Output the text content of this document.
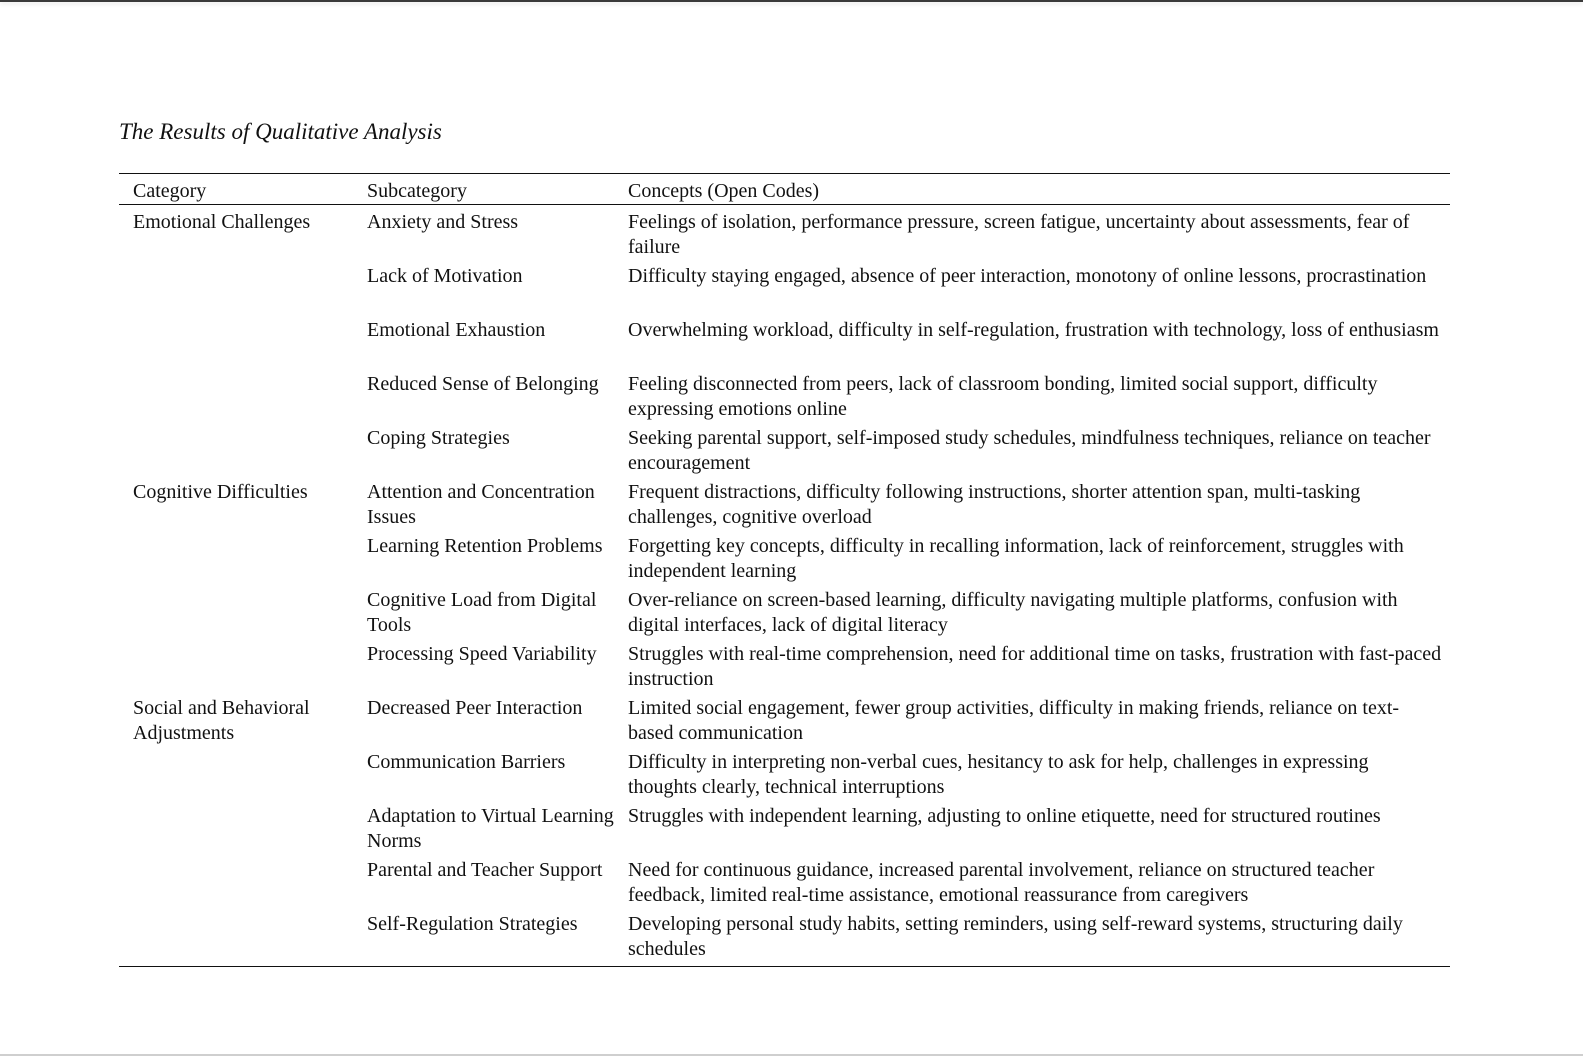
The Results of Qualitative Analysis
Category	Subcategory	Concepts (Open Codes)
Emotional Challenges	Anxiety and Stress	Feelings of isolation, performance pressure, screen fatigue, uncertainty about assessments, fear of failure
	Lack of Motivation	Difficulty staying engaged, absence of peer interaction, monotony of online lessons, procrastination
	Emotional Exhaustion	Overwhelming workload, difficulty in self-regulation, frustration with technology, loss of enthusiasm
	Reduced Sense of Belonging	Feeling disconnected from peers, lack of classroom bonding, limited social support, difficulty expressing emotions online
	Coping Strategies	Seeking parental support, self-imposed study schedules, mindfulness techniques, reliance on teacher encouragement
Cognitive Difficulties	Attention and Concentration Issues	Frequent distractions, difficulty following instructions, shorter attention span, multi-tasking challenges, cognitive overload
	Learning Retention Problems	Forgetting key concepts, difficulty in recalling information, lack of reinforcement, struggles with independent learning
	Cognitive Load from Digital Tools	Over-reliance on screen-based learning, difficulty navigating multiple platforms, confusion with digital interfaces, lack of digital literacy
	Processing Speed Variability	Struggles with real-time comprehension, need for additional time on tasks, frustration with fast-paced instruction
Social and Behavioral Adjustments	Decreased Peer Interaction	Limited social engagement, fewer group activities, difficulty in making friends, reliance on text-based communication
	Communication Barriers	Difficulty in interpreting non-verbal cues, hesitancy to ask for help, challenges in expressing thoughts clearly, technical interruptions
	Adaptation to Virtual Learning Norms	Struggles with independent learning, adjusting to online etiquette, need for structured routines
	Parental and Teacher Support	Need for continuous guidance, increased parental involvement, reliance on structured teacher feedback, limited real-time assistance, emotional reassurance from caregivers
	Self-Regulation Strategies	Developing personal study habits, setting reminders, using self-reward systems, structuring daily schedules
